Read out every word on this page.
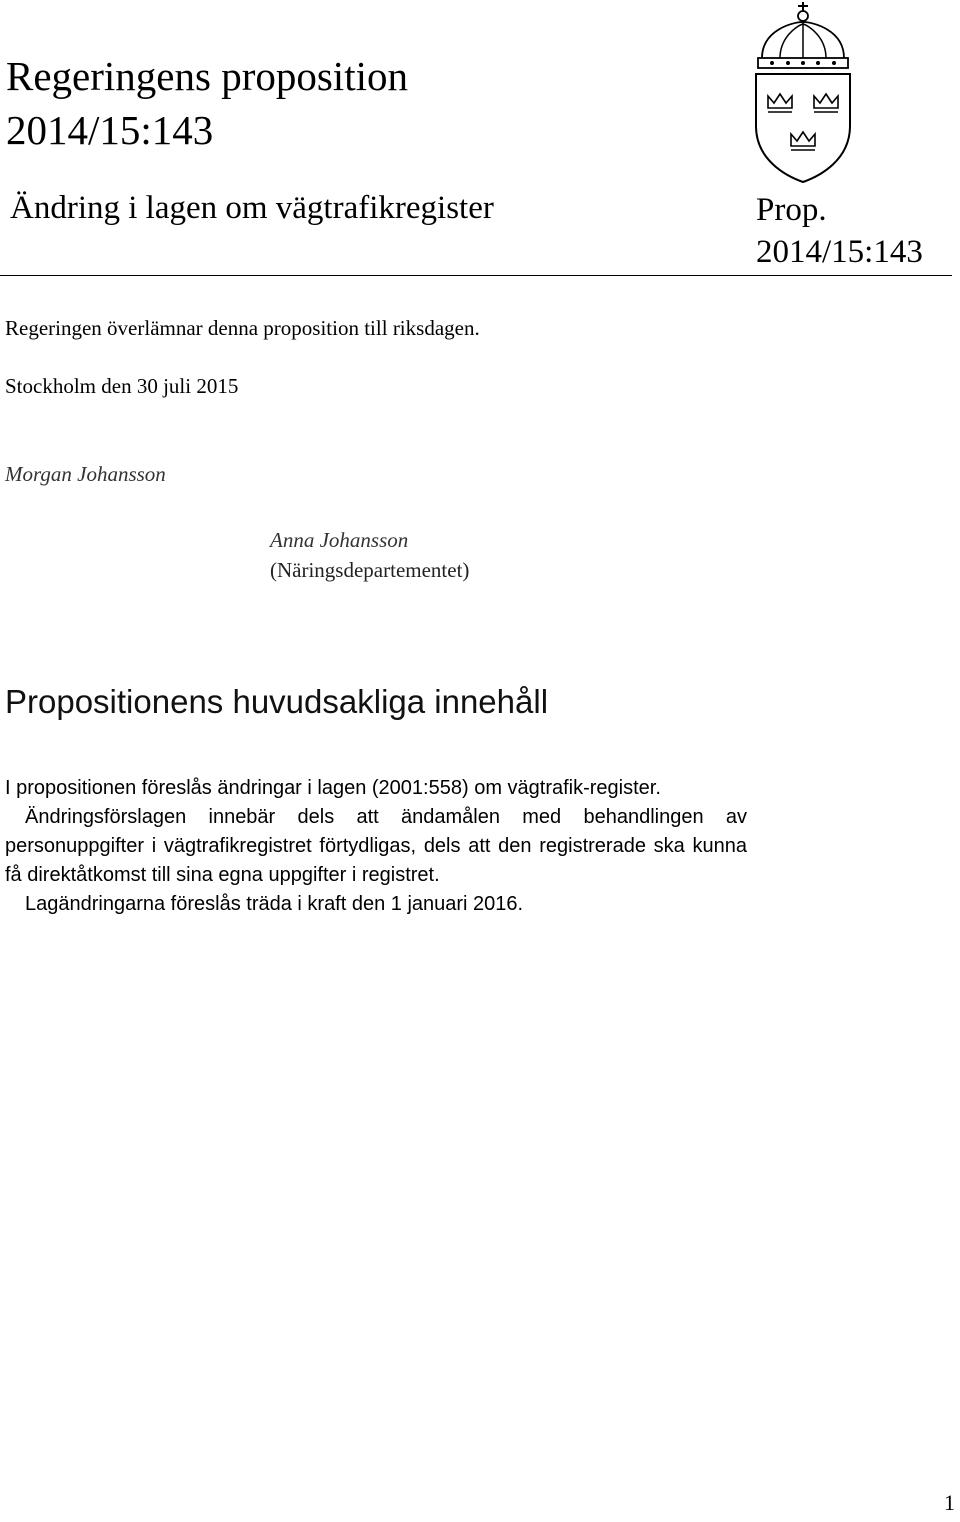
Regeringens proposition
2014/15:143
Ändring i lagen om vägtrafikregister	Prop.
2014/15:143
Regeringen överlämnar denna proposition till riksdagen.
Stockholm den 30 juli 2015
Morgan Johansson
Anna Johansson
(Näringsdepartementet)
Propositionens huvudsakliga innehåll

I propositionen föreslås ändringar i lagen (2001:558) om vägtrafik-register.

Ändringsförslagen innebär dels att ändamålen med behandlingen av personuppgifter i vägtrafikregistret förtydligas, dels att den registrerade ska kunna få direktåtkomst till sina egna uppgifter i registret.

Lagändringarna föreslås träda i kraft den 1 januari 2016.

1
